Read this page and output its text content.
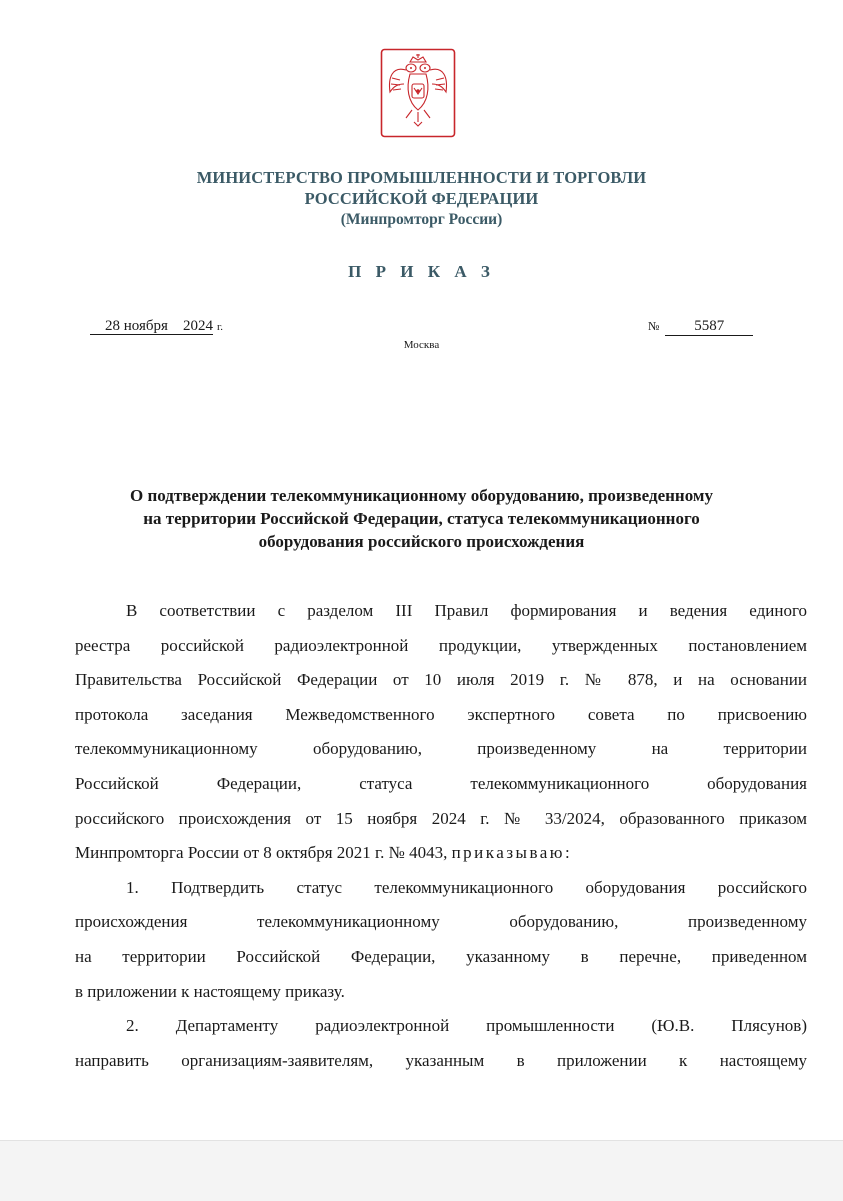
МИНИСТЕРСТВО ПРОМЫШЛЕННОСТИ И ТОРГОВЛИ
РОССИЙСКОЙ ФЕДЕРАЦИИ
(Минпромторг России)
П Р И К А З
28 ноября 2024 г.	№ 5587
Москва
О подтверждении телекоммуникационному оборудованию, произведенному
на территории Российской Федерации, статуса телекоммуникационного
оборудования российского происхождения
В соответствии с разделом III Правил формирования и ведения единого
реестра российской радиоэлектронной продукции, утвержденных постановлением
Правительства Российской Федерации от 10 июля 2019 г. № 878, и на основании
протокола заседания Межведомственного экспертного совета по присвоению
телекоммуникационному оборудованию, произведенному на территории
Российской Федерации, статуса телекоммуникационного оборудования
российского происхождения от 15 ноября 2024 г. № 33/2024, образованного приказом
Минпромторга России от 8 октября 2021 г. № 4043, приказываю:
1. Подтвердить статус телекоммуникационного оборудования российского
происхождения телекоммуникационному оборудованию, произведенному
на территории Российской Федерации, указанному в перечне, приведенном
в приложении к настоящему приказу.
2. Департаменту радиоэлектронной промышленности (Ю.В. Плясунов)
направить организациям-заявителям, указанным в приложении к настоящему
